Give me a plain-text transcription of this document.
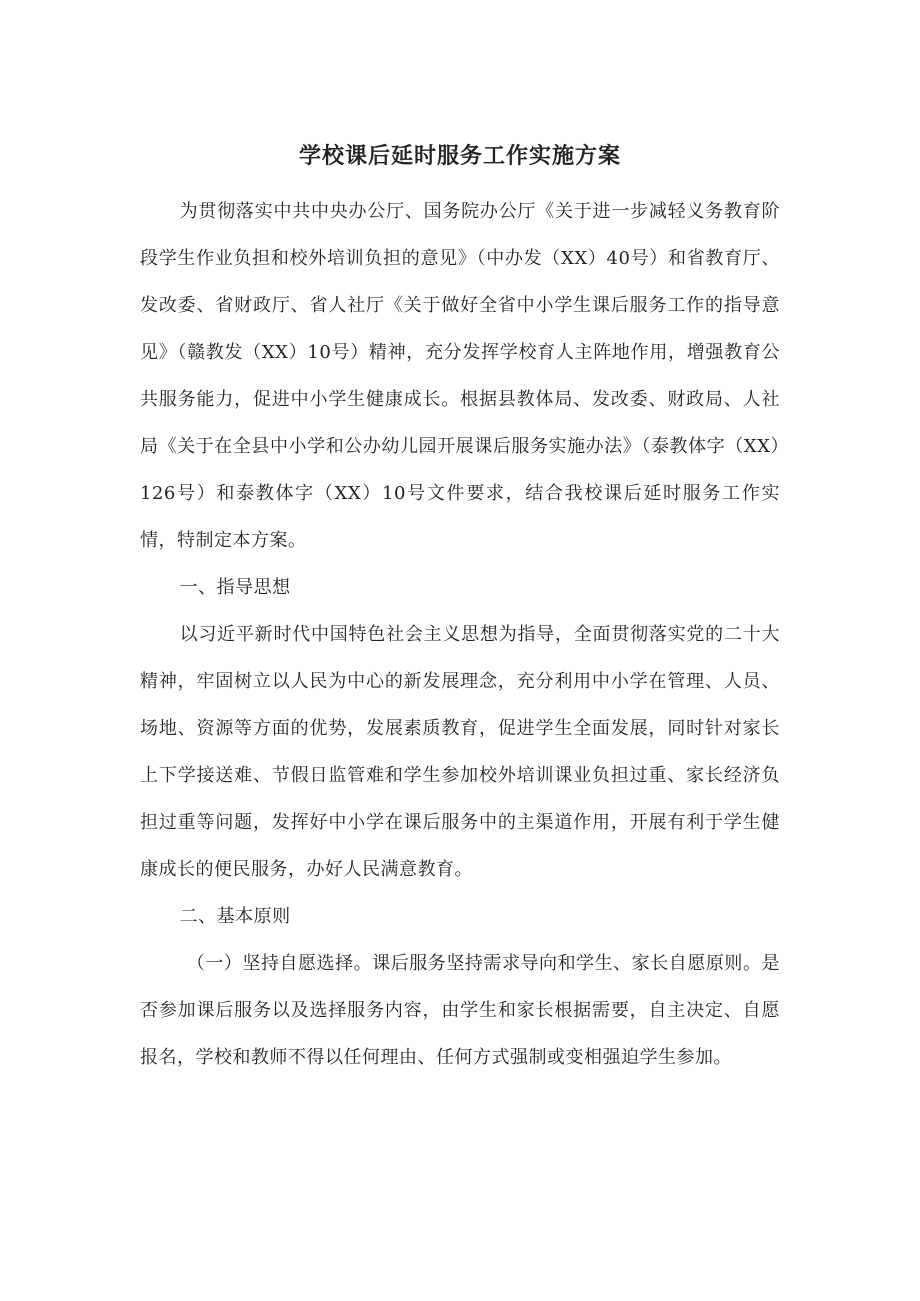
学校课后延时服务工作实施方案

为贯彻落实中共中央办公厅、国务院办公厅《关于进一步减轻义务教育阶段学生作业负担和校外培训负担的意见》（中办发（XX）40号）和省教育厅、发改委、省财政厅、省人社厅《关于做好全省中小学生课后服务工作的指导意见》（赣教发（XX）10号）精神，充分发挥学校育人主阵地作用，增强教育公共服务能力，促进中小学生健康成长。根据县教体局、发改委、财政局、人社局《关于在全县中小学和公办幼儿园开展课后服务实施办法》（泰教体字（XX）126号）和泰教体字（XX）10号文件要求，结合我校课后延时服务工作实情，特制定本方案。

一、指导思想

以习近平新时代中国特色社会主义思想为指导，全面贯彻落实党的二十大精神，牢固树立以人民为中心的新发展理念，充分利用中小学在管理、人员、场地、资源等方面的优势，发展素质教育，促进学生全面发展，同时针对家长上下学接送难、节假日监管难和学生参加校外培训课业负担过重、家长经济负担过重等问题，发挥好中小学在课后服务中的主渠道作用，开展有利于学生健康成长的便民服务，办好人民满意教育。

二、基本原则

（一）坚持自愿选择。课后服务坚持需求导向和学生、家长自愿原则。是否参加课后服务以及选择服务内容，由学生和家长根据需要，自主决定、自愿报名，学校和教师不得以任何理由、任何方式强制或变相强迫学生参加。
